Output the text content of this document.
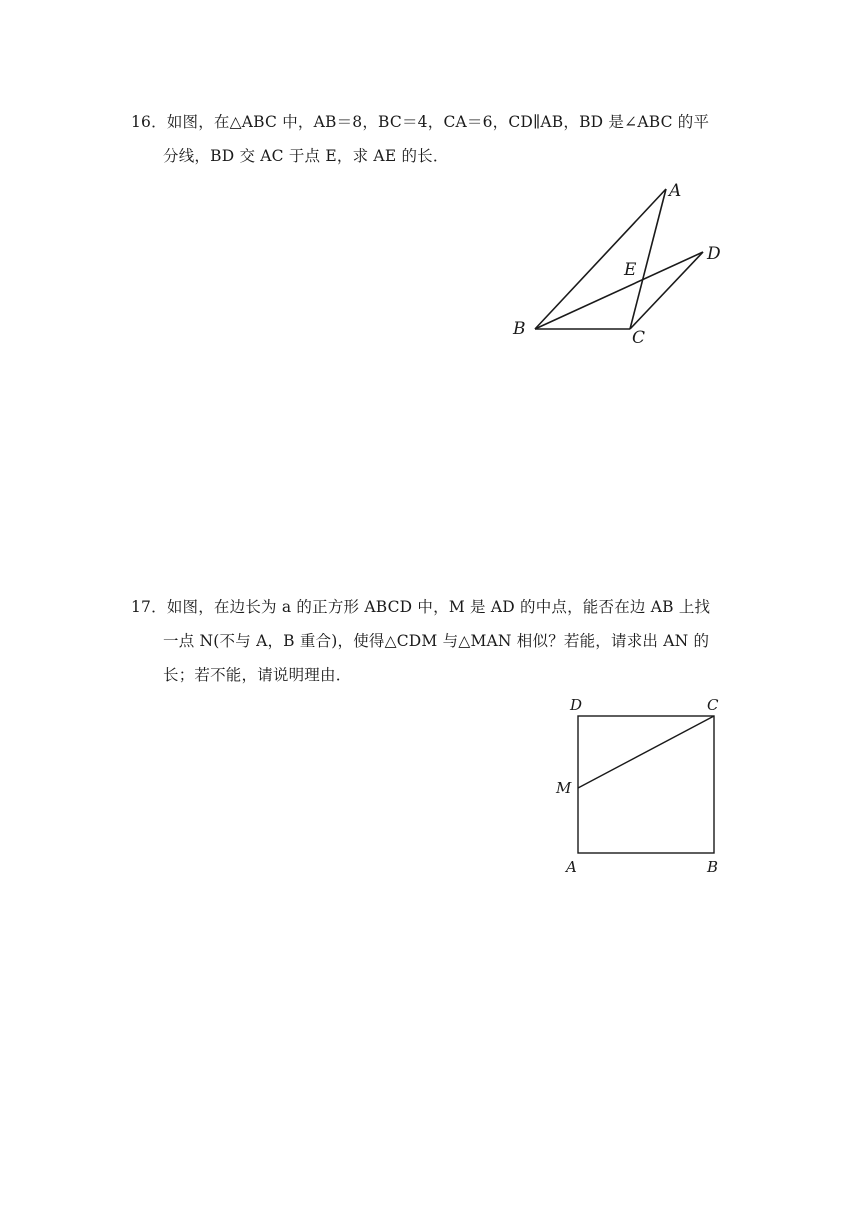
16．如图，在△ABC 中，AB＝8，BC＝4，CA＝6，CD∥AB，BD 是∠ABC 的平
分线，BD 交 AC 于点 E，求 AE 的长．
A
B	C
D
E
D	C
M
A	B
17．如图，在边长为 a 的正方形 ABCD 中，M 是 AD 的中点，能否在边 AB 上找
一点 N(不与 A，B 重合)，使得△CDM 与△MAN 相似？若能，请求出 AN 的
长；若不能，请说明理由．
